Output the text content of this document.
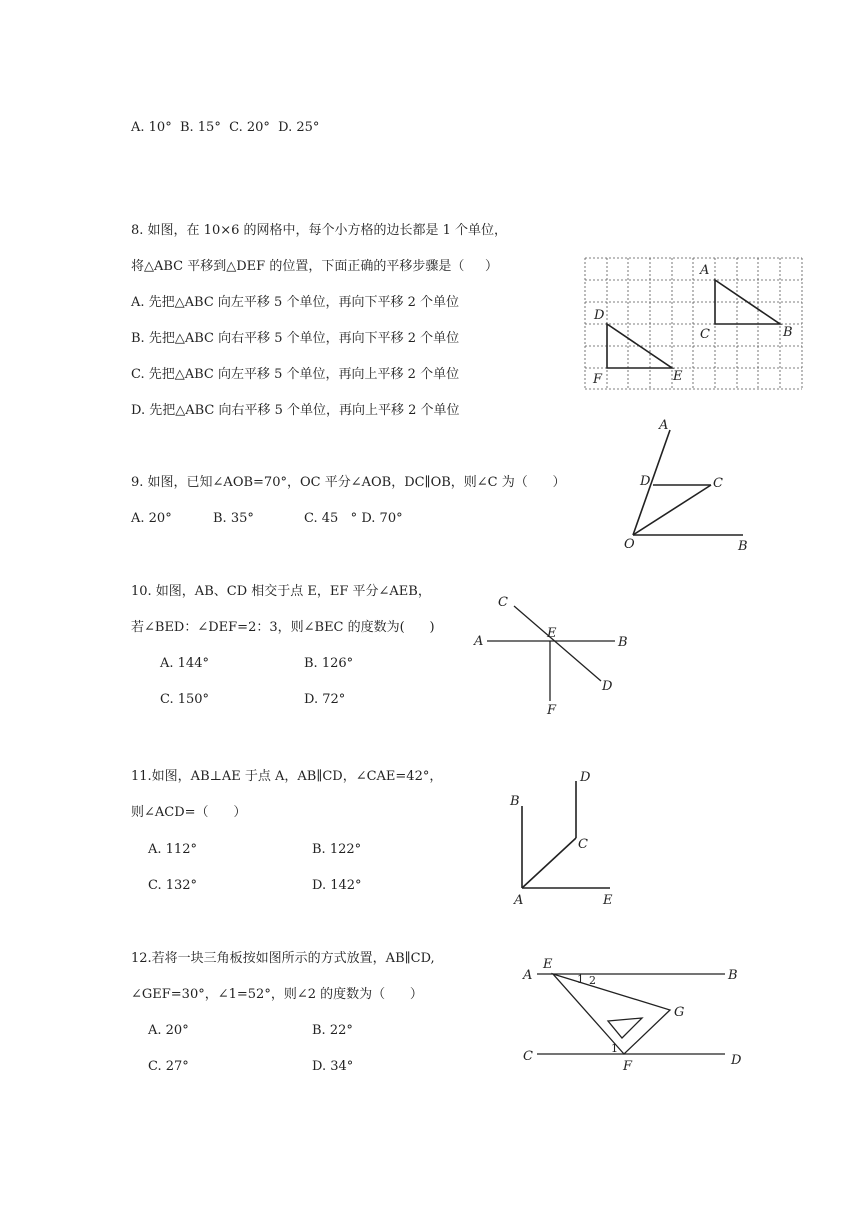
A. 10°  B. 15°  C. 20°  D. 25°
8. 如图，在 10×6 的网格中，每个小方格的边长都是 1 个单位，
将△ABC 平移到△DEF 的位置，下面正确的平移步骤是（     ）
A. 先把△ABC 向左平移 5 个单位，再向下平移 2 个单位
B. 先把△ABC 向右平移 5 个单位，再向下平移 2 个单位
C. 先把△ABC 向左平移 5 个单位，再向上平移 2 个单位
D. 先把△ABC 向右平移 5 个单位，再向上平移 2 个单位
A
B
C
D
E
F
9. 如图，已知∠AOB=70°，OC 平分∠AOB，DC∥OB，则∠C 为（      ）
A. 20°	B. 35°	C. 45   ° D. 70°
A
B
C
D
O
10. 如图，AB、CD 相交于点 E，EF 平分∠AEB，
若∠BED：∠DEF=2：3，则∠BEC 的度数为(      )
A. 144°	B. 126°
C. 150°	D. 72°
C
A
E
B
D
F
11.如图，AB⊥AE 于点 A，AB∥CD，∠CAE=42°，
则∠ACD=（      ）
A. 112°	B. 122°
C. 132°	D. 142°
B
D
C
A	E
12.若将一块三角板按如图所示的方式放置，AB∥CD,
∠GEF=30°，∠1=52°，则∠2 的度数为（      ）
A. 20°	B. 22°
C. 27°	D. 34°
A
E
B
G
C
F	D
1 2
1
